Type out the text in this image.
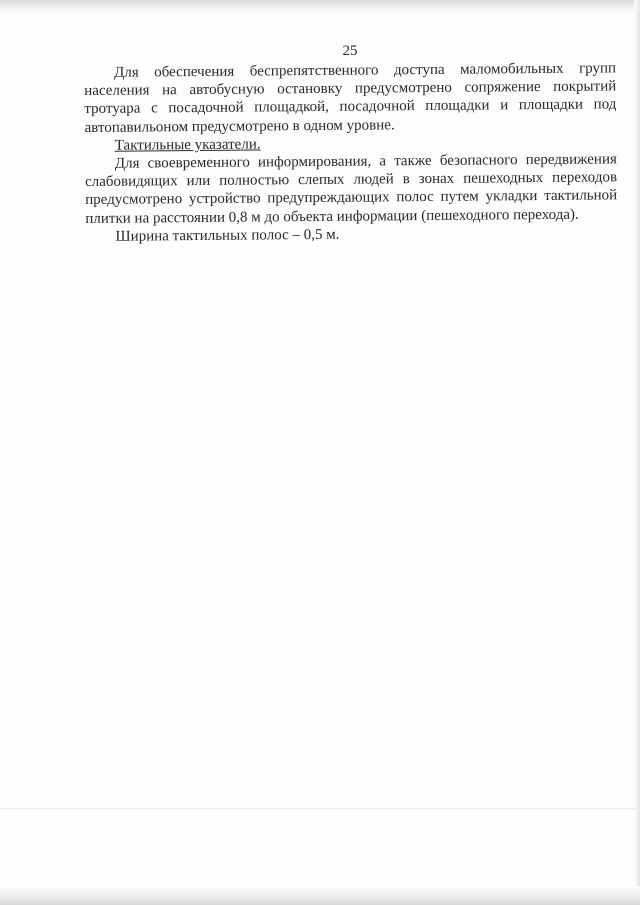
25

Для обеспечения беспрепятственного доступа маломобильных групп населения на автобусную остановку предусмотрено сопряжение покрытий тротуара с посадочной площадкой, посадочной площадки и площадки под автопавильоном предусмотрено в одном уровне.

Тактильные указатели.

Для своевременного информирования, а также безопасного передвижения слабовидящих или полностью слепых людей в зонах пешеходных переходов предусмотрено устройство предупреждающих полос путем укладки тактильной плитки на расстоянии 0,8 м до объекта информации (пешеходного перехода).

Ширина тактильных полос – 0,5 м.
